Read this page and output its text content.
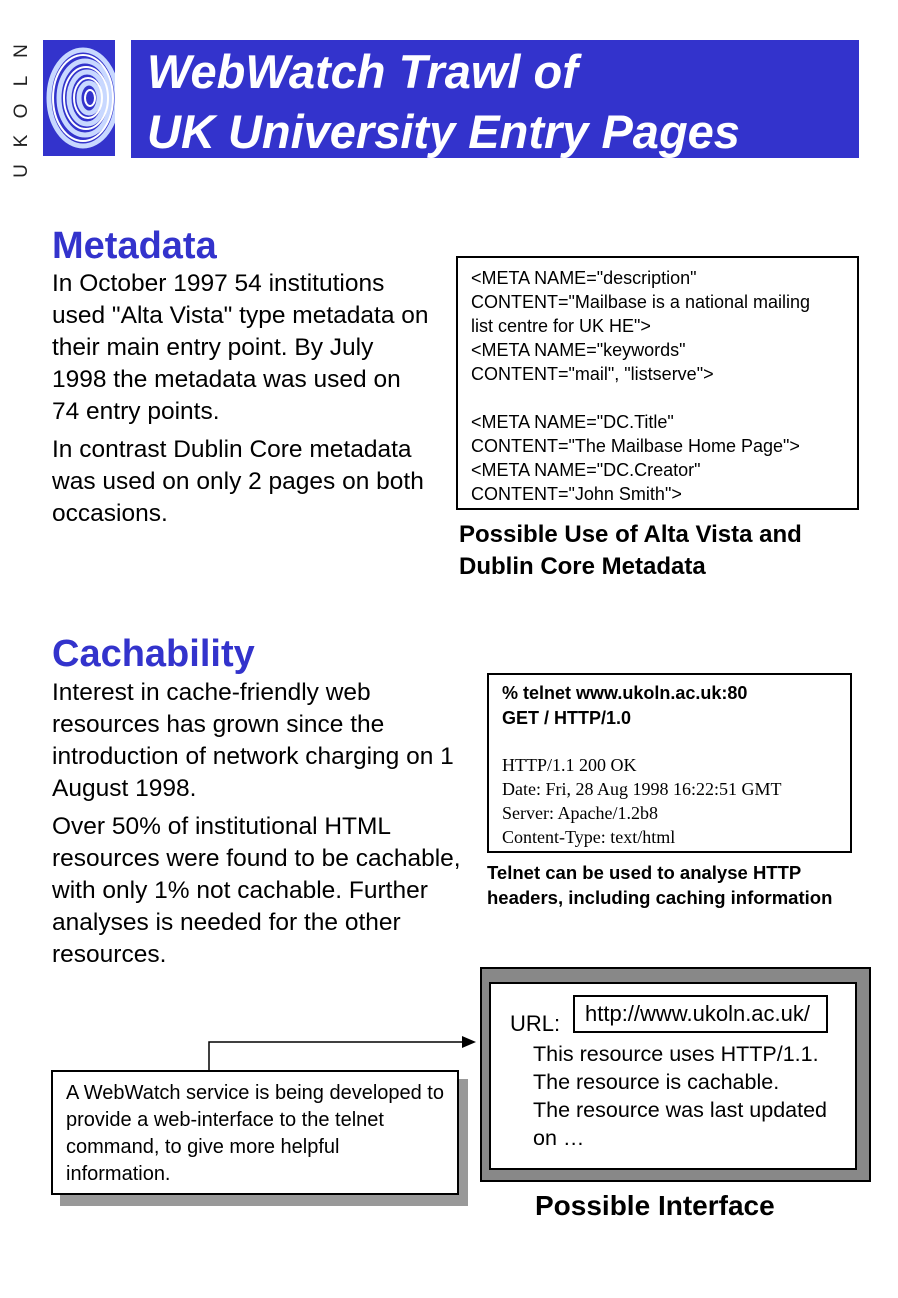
N
L
O
K
U
WebWatch Trawl of
UK University Entry Pages
Metadata

In October 1997 54 institutions used "Alta Vista" type metadata on their main entry point. By July 1998 the metadata was used on 74 entry points.

In contrast Dublin Core metadata was used on only 2 pages on both occasions.

<META NAME="description"
CONTENT="Mailbase is a national mailing
list centre for UK HE">
<META NAME="keywords"
CONTENT="mail", "listserve">
<META NAME="DC.Title"
CONTENT="The Mailbase Home Page">
<META NAME="DC.Creator"
CONTENT="John Smith">
Possible Use of Alta Vista and
Dublin Core Metadata
Cachability

Interest in cache-friendly web resources has grown since the introduction of network charging on 1 August 1998.

Over 50% of institutional HTML resources were found to be cachable, with only 1% not cachable. Further analyses is needed for the other resources.

% telnet www.ukoln.ac.uk:80
GET / HTTP/1.0
HTTP/1.1 200 OK
Date: Fri, 28 Aug 1998 16:22:51 GMT
Server: Apache/1.2b8
Content-Type: text/html
Telnet can be used to analyse HTTP
headers, including caching information
A WebWatch service is being developed to provide a web-interface to the telnet command, to give more helpful information.
URL:	http://www.ukoln.ac.uk/
This resource uses HTTP/1.1.
The resource is cachable.
The resource was last updated
on …
Possible Interface
